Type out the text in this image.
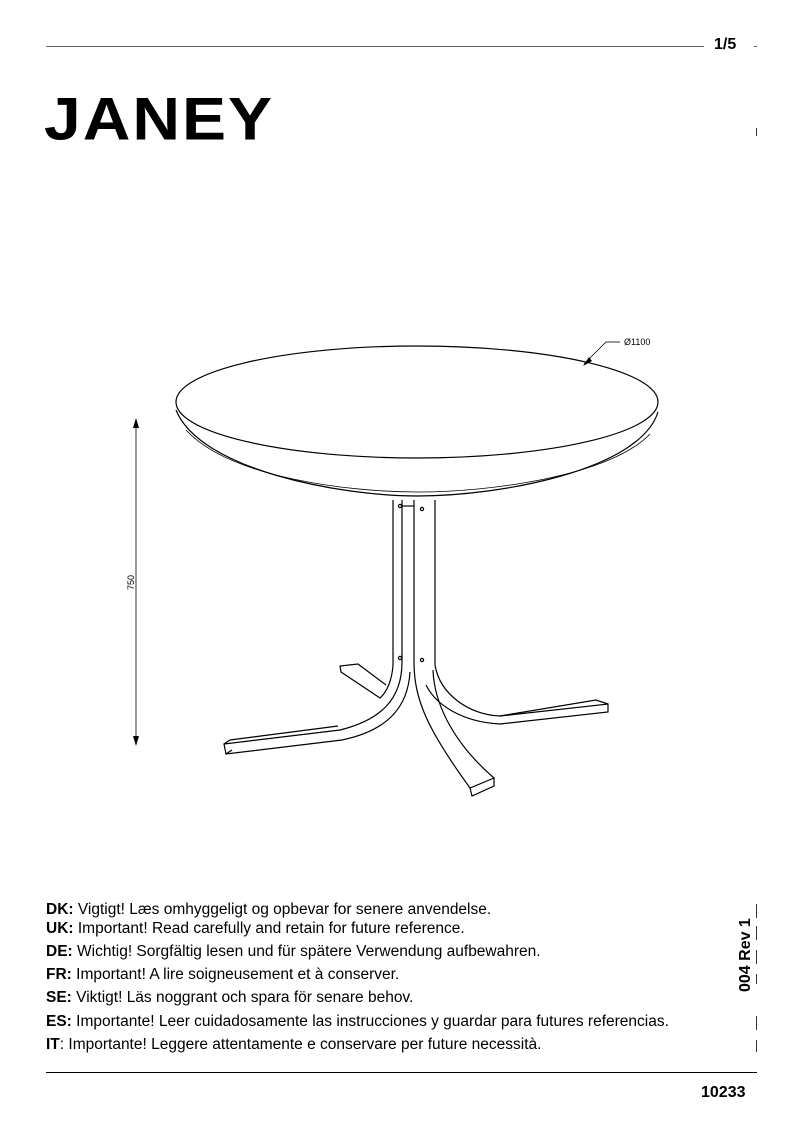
1/5
JANEY
Ø1100
750
DK: Vigtigt! Læs omhyggeligt og opbevar for senere anvendelse.
UK: Important! Read carefully and retain for future reference.
DE: Wichtig! Sorgfältig lesen und für spätere Verwendung aufbewahren.
FR: Important! A lire soigneusement et à conserver.
SE: Viktigt! Läs noggrant och spara för senare behov.
ES: Importante! Leer cuidadosamente las instrucciones y guardar para futures referencias.
IT: Importante! Leggere attentamente e conservare per future necessità.
004 Rev 1
10233
